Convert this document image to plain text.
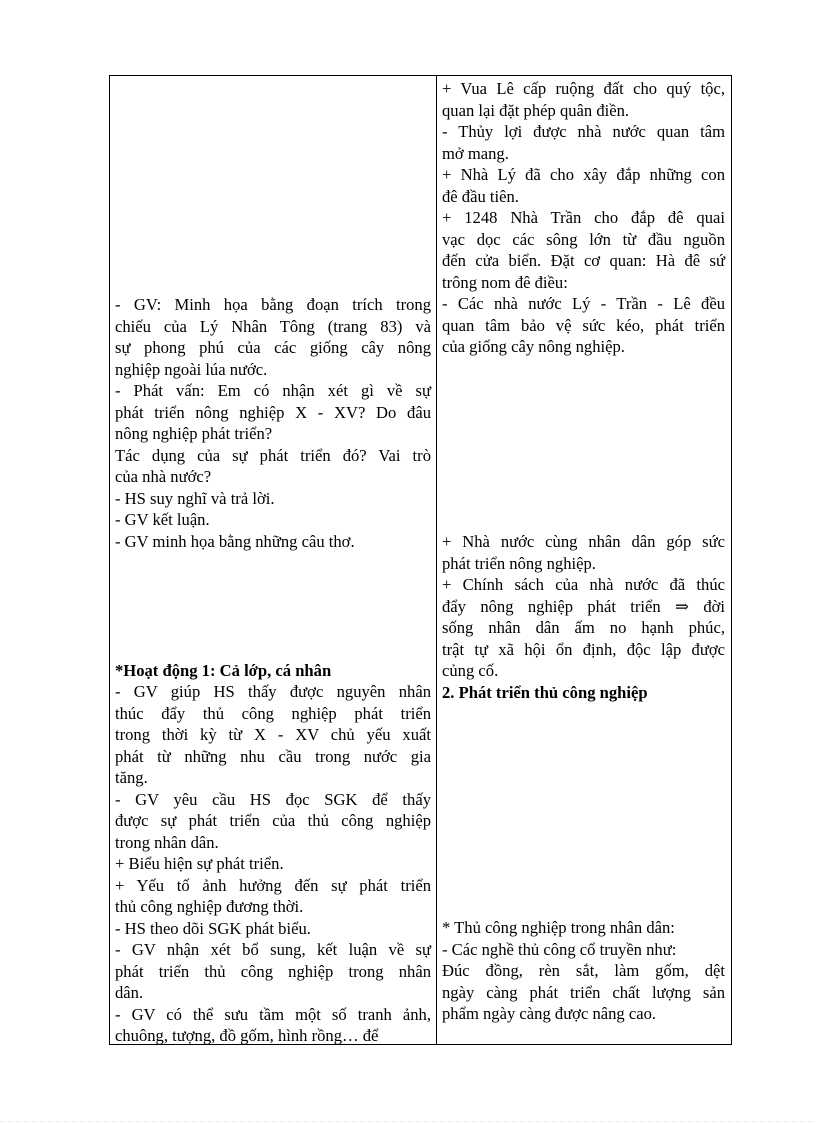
- GV: Minh họa bằng đoạn trích trong

chiếu của Lý Nhân Tông (trang 83) và

sự phong phú của các giống cây nông

nghiệp ngoài lúa nước.

- Phát vấn: Em có nhận xét gì về sự

phát triển nông nghiệp X - XV? Do đâu

nông nghiệp phát triển?

Tác dụng của sự phát triển đó? Vai trò

của nhà nước?

- HS suy nghĩ và trả lời.

- GV kết luận.

- GV minh họa bằng những câu thơ.

*Hoạt động 1: Cả lớp, cá nhân

- GV giúp HS thấy được nguyên nhân

thúc đẩy thủ công nghiệp phát triển

trong thời kỳ từ X - XV chủ yếu xuất

phát từ những nhu cầu trong nước gia

tăng.

- GV yêu cầu HS đọc SGK để thấy

được sự phát triển của thủ công nghiệp

trong nhân dân.

+ Biểu hiện sự phát triển.

+ Yếu tố ảnh hưởng đến sự phát triển

thủ công nghiệp đương thời.

- HS theo dõi SGK phát biểu.

- GV nhận xét bổ sung, kết luận về sự

phát triển thủ công nghiệp trong nhân

dân.

- GV có thể sưu tầm một số tranh ảnh,

chuông, tượng, đồ gốm, hình rồng… để

+ Vua Lê cấp ruộng đất cho quý tộc,

quan lại đặt phép quân điền.

- Thủy lợi được nhà nước quan tâm

mở mang.

+ Nhà Lý đã cho xây đắp những con

đê đầu tiên.

+ 1248 Nhà Trần cho đắp đê quai

vạc dọc các sông lớn từ đầu nguồn

đến cửa biển. Đặt cơ quan: Hà đê sứ

trông nom đê điều:

- Các nhà nước Lý - Trần - Lê đều

quan tâm bảo vệ sức kéo, phát triển

của giống cây nông nghiệp.

+ Nhà nước cùng nhân dân góp sức

phát triển nông nghiệp.

+ Chính sách của nhà nước đã thúc

đẩy nông nghiệp phát triển ⇒ đời

sống nhân dân ấm no hạnh phúc,

trật tự xã hội ổn định, độc lập được

củng cố.

2. Phát triển thủ công nghiệp

* Thủ công nghiệp trong nhân dân:

- Các nghề thủ công cổ truyền như:

Đúc đồng, rèn sắt, làm gốm, dệt

ngày càng phát triển chất lượng sản

phẩm ngày càng được nâng cao.
